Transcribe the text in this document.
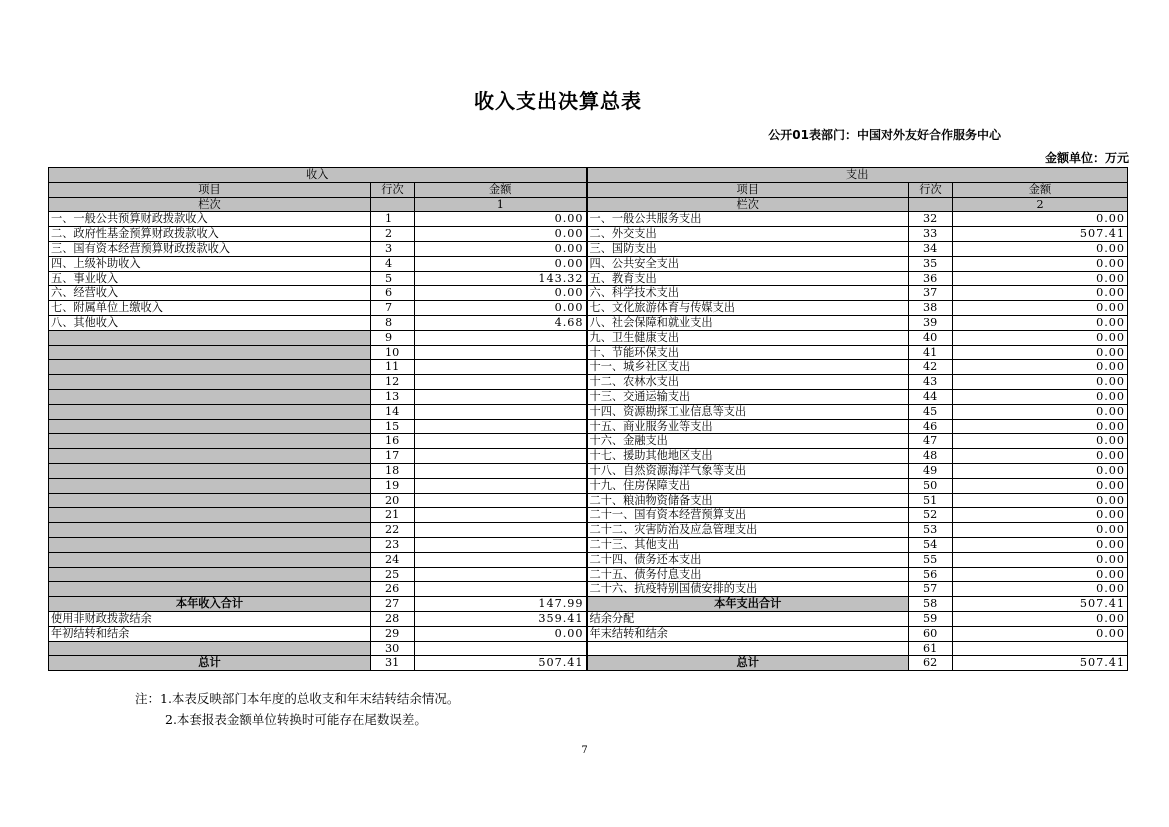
收入支出决算总表
公开01表部门：中国对外友好合作服务中心
金额单位：万元
收入			支出		
项目	行次	金额	项目	行次	金额
栏次		1	栏次		2
一、一般公共预算财政拨款收入	1	0.00	一、一般公共服务支出	32	0.00
二、政府性基金预算财政拨款收入	2	0.00	二、外交支出	33	507.41
三、国有资本经营预算财政拨款收入	3	0.00	三、国防支出	34	0.00
四、上级补助收入	4	0.00	四、公共安全支出	35	0.00
五、事业收入	5	143.32	五、教育支出	36	0.00
六、经营收入	6	0.00	六、科学技术支出	37	0.00
七、附属单位上缴收入	7	0.00	七、文化旅游体育与传媒支出	38	0.00
八、其他收入	8	4.68	八、社会保障和就业支出	39	0.00
	9		九、卫生健康支出	40	0.00
	10		十、节能环保支出	41	0.00
	11		十一、城乡社区支出	42	0.00
	12		十二、农林水支出	43	0.00
	13		十三、交通运输支出	44	0.00
	14		十四、资源勘探工业信息等支出	45	0.00
	15		十五、商业服务业等支出	46	0.00
	16		十六、金融支出	47	0.00
	17		十七、援助其他地区支出	48	0.00
	18		十八、自然资源海洋气象等支出	49	0.00
	19		十九、住房保障支出	50	0.00
	20		二十、粮油物资储备支出	51	0.00
	21		二十一、国有资本经营预算支出	52	0.00
	22		二十二、灾害防治及应急管理支出	53	0.00
	23		二十三、其他支出	54	0.00
	24		二十四、债务还本支出	55	0.00
	25		二十五、债务付息支出	56	0.00
	26		二十六、抗疫特别国债安排的支出	57	0.00
本年收入合计	27	147.99	本年支出合计	58	507.41
使用非财政拨款结余	28	359.41	结余分配	59	0.00
年初结转和结余	29	0.00	年末结转和结余	60	0.00
	30			61	
总计	31	507.41	总计	62	507.41
注：1.本表反映部门本年度的总收支和年末结转结余情况。
2.本套报表金额单位转换时可能存在尾数误差。
7
